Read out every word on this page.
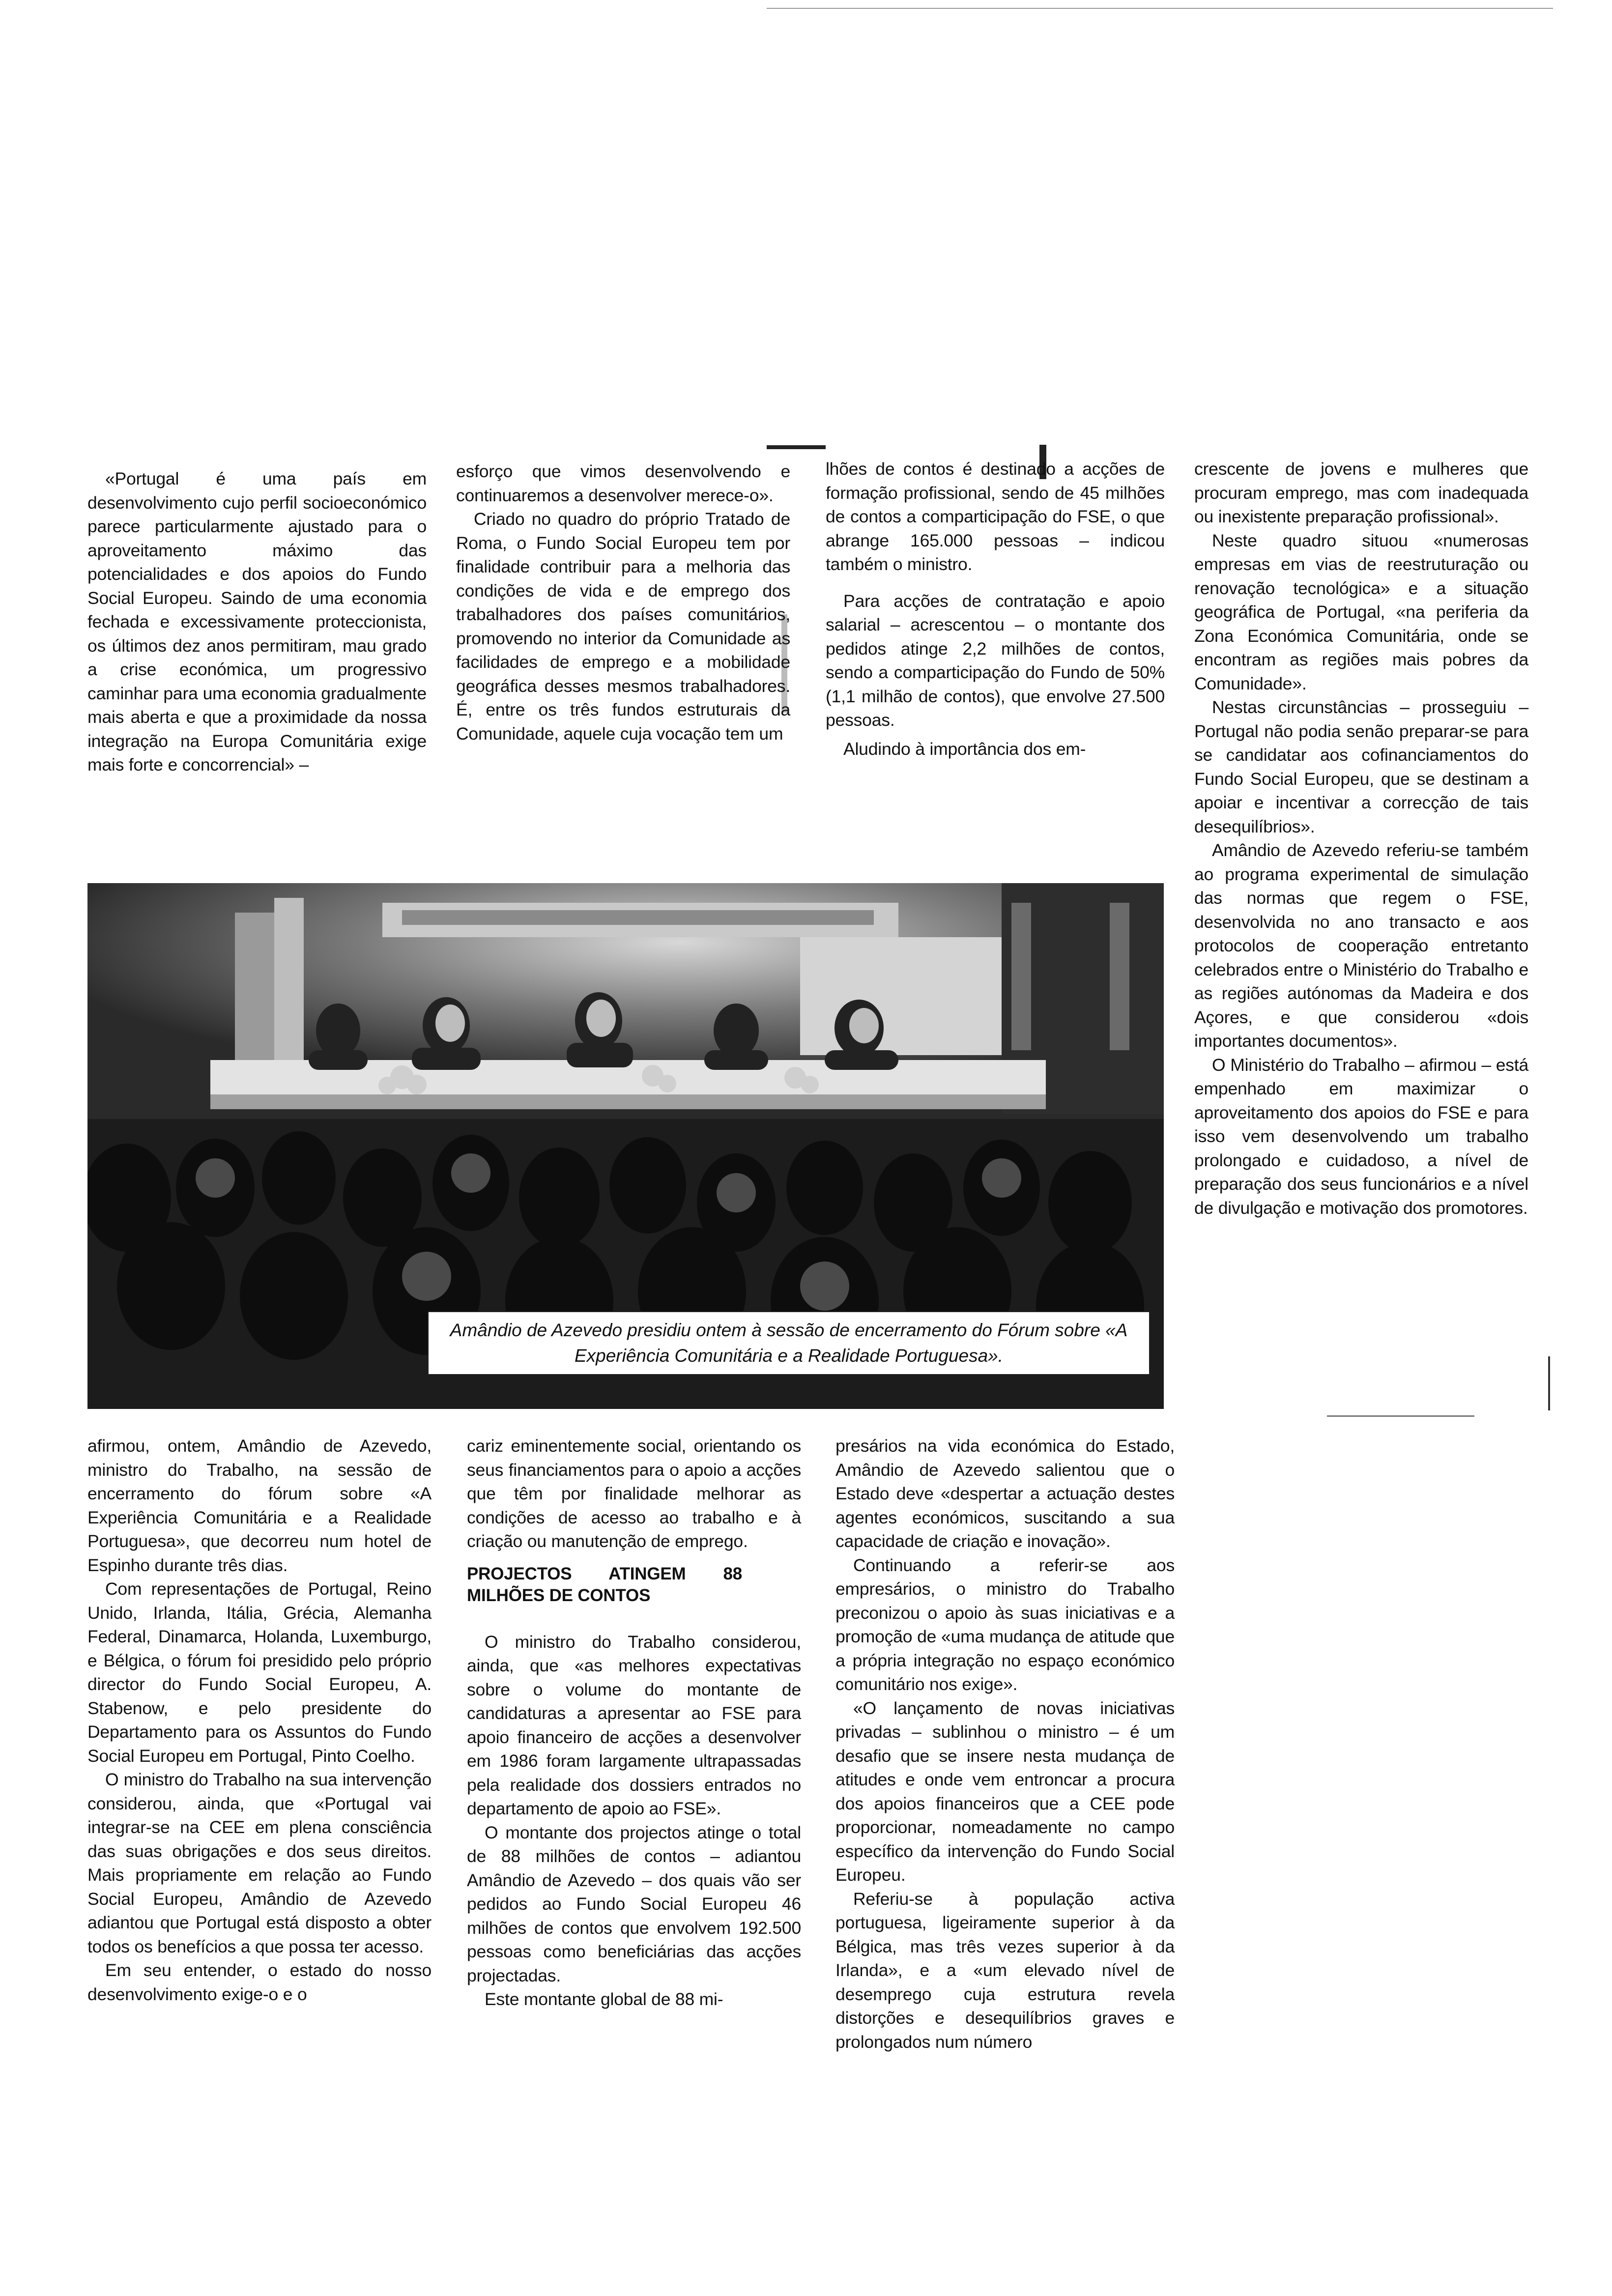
«Portugal é uma país em desenvolvimento cujo perfil socioeconómico parece particularmente ajustado para o aproveitamento máximo das potencialidades e dos apoios do Fundo Social Europeu. Saindo de uma economia fechada e excessivamente proteccionista, os últimos dez anos permitiram, mau grado a crise económica, um progressivo caminhar para uma economia gradualmente mais aberta e que a proximidade da nossa integração na Europa Comunitária exige mais forte e concorrencial» –

esforço que vimos desenvolvendo e continuaremos a desenvolver merece-o».

Criado no quadro do próprio Tratado de Roma, o Fundo Social Europeu tem por finalidade contribuir para a melhoria das condições de vida e de emprego dos trabalhadores dos países comunitários, promovendo no interior da Comunidade as facilidades de emprego e a mobilidade geográfica desses mesmos trabalhadores. É, entre os três fundos estruturais da Comunidade, aquele cuja vocação tem um

lhões de contos é destinado a acções de formação profissional, sendo de 45 milhões de contos a comparticipação do FSE, o que abrange 165.000 pessoas – indicou também o ministro.

Para acções de contratação e apoio salarial – acrescentou – o montante dos pedidos atinge 2,2 milhões de contos, sendo a comparticipação do Fundo de 50% (1,1 milhão de contos), que envolve 27.500 pessoas.

Aludindo à importância dos em-

crescente de jovens e mulheres que procuram emprego, mas com inadequada ou inexistente preparação profissional».

Neste quadro situou «numerosas empresas em vias de reestruturação ou renovação tecnológica» e a situação geográfica de Portugal, «na periferia da Zona Económica Comunitária, onde se encontram as regiões mais pobres da Comunidade».

Nestas circunstâncias – prosseguiu – Portugal não podia senão preparar-se para se candidatar aos cofinanciamentos do Fundo Social Europeu, que se destinam a apoiar e incentivar a correcção de tais desequilíbrios».

Amândio de Azevedo referiu-se também ao programa experimental de simulação das normas que regem o FSE, desenvolvida no ano transacto e aos protocolos de cooperação entretanto celebrados entre o Ministério do Trabalho e as regiões autónomas da Madeira e dos Açores, e que considerou «dois importantes documentos».

O Ministério do Trabalho – afirmou – está empenhado em maximizar o aproveitamento dos apoios do FSE e para isso vem desenvolvendo um trabalho prolongado e cuidadoso, a nível de preparação dos seus funcionários e a nível de divulgação e motivação dos promotores.

Amândio de Azevedo presidiu ontem à sessão de encerramento do Fórum sobre «A Experiência Comunitária e a Realidade Portuguesa».

afirmou, ontem, Amândio de Azevedo, ministro do Trabalho, na sessão de encerramento do fórum sobre «A Experiência Comunitária e a Realidade Portuguesa», que decorreu num hotel de Espinho durante três dias.

Com representações de Portugal, Reino Unido, Irlanda, Itália, Grécia, Alemanha Federal, Dinamarca, Holanda, Luxemburgo, e Bélgica, o fórum foi presidido pelo próprio director do Fundo Social Europeu, A. Stabenow, e pelo presidente do Departamento para os Assuntos do Fundo Social Europeu em Portugal, Pinto Coelho.

O ministro do Trabalho na sua intervenção considerou, ainda, que «Portugal vai integrar-se na CEE em plena consciência das suas obrigações e dos seus direitos. Mais propriamente em relação ao Fundo Social Europeu, Amândio de Azevedo adiantou que Portugal está disposto a obter todos os benefícios a que possa ter acesso.

Em seu entender, o estado do nosso desenvolvimento exige-o e o

cariz eminentemente social, orientando os seus financiamentos para o apoio a acções que têm por finalidade melhorar as condições de acesso ao trabalho e à criação ou manutenção de emprego.

PROJECTOS ATINGEM 88 MILHÕES DE CONTOS

O ministro do Trabalho considerou, ainda, que «as melhores expectativas sobre o volume do montante de candidaturas a apresentar ao FSE para apoio financeiro de acções a desenvolver em 1986 foram largamente ultrapassadas pela realidade dos dossiers entrados no departamento de apoio ao FSE».

O montante dos projectos atinge o total de 88 milhões de contos – adiantou Amândio de Azevedo – dos quais vão ser pedidos ao Fundo Social Europeu 46 milhões de contos que envolvem 192.500 pessoas como beneficiárias das acções projectadas.

Este montante global de 88 mi-

presários na vida económica do Estado, Amândio de Azevedo salientou que o Estado deve «despertar a actuação destes agentes económicos, suscitando a sua capacidade de criação e inovação».

Continuando a referir-se aos empresários, o ministro do Trabalho preconizou o apoio às suas iniciativas e a promoção de «uma mudança de atitude que a própria integração no espaço económico comunitário nos exige».

«O lançamento de novas iniciativas privadas – sublinhou o ministro – é um desafio que se insere nesta mudança de atitudes e onde vem entroncar a procura dos apoios financeiros que a CEE pode proporcionar, nomeadamente no campo específico da intervenção do Fundo Social Europeu.

Referiu-se à população activa portuguesa, ligeiramente superior à da Bélgica, mas três vezes superior à da Irlanda», e a «um elevado nível de desemprego cuja estrutura revela distorções e desequilíbrios graves e prolongados num número
